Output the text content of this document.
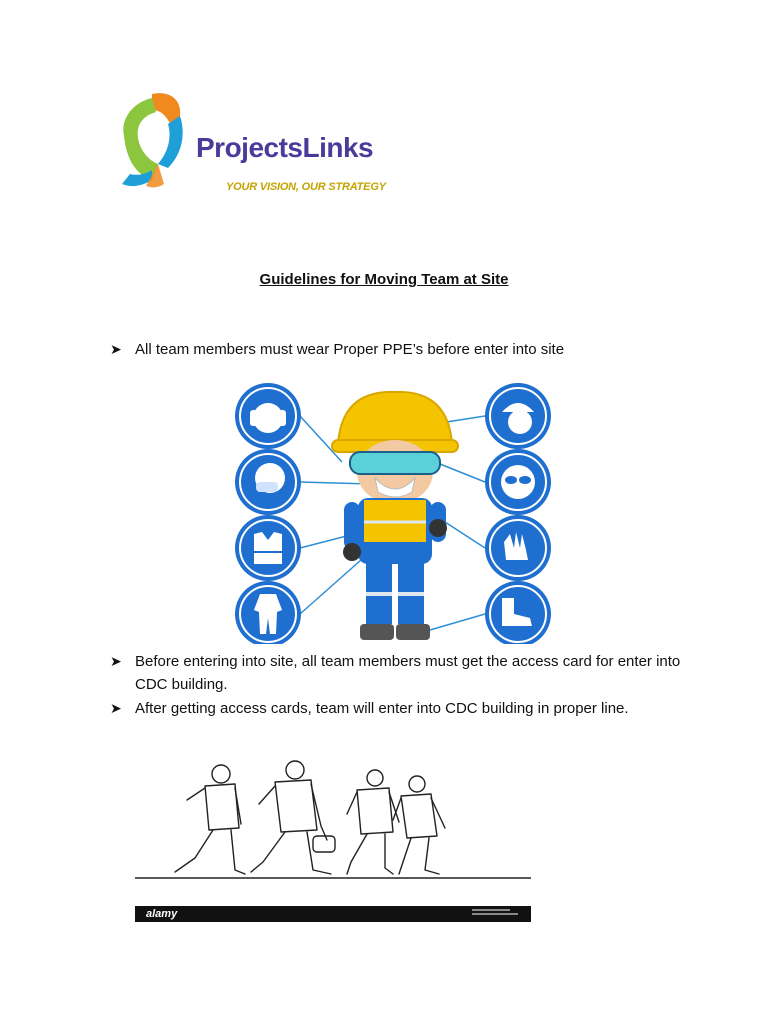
ProjectsLinks
YOUR VISION, OUR STRATEGY
Guidelines for Moving Team at Site
➤ All team members must wear Proper PPE’s before enter into site
➤ Before entering into site, all team members must get the access card for enter into CDC building.
➤ After getting access cards, team will enter into CDC building in proper line.
alamy
